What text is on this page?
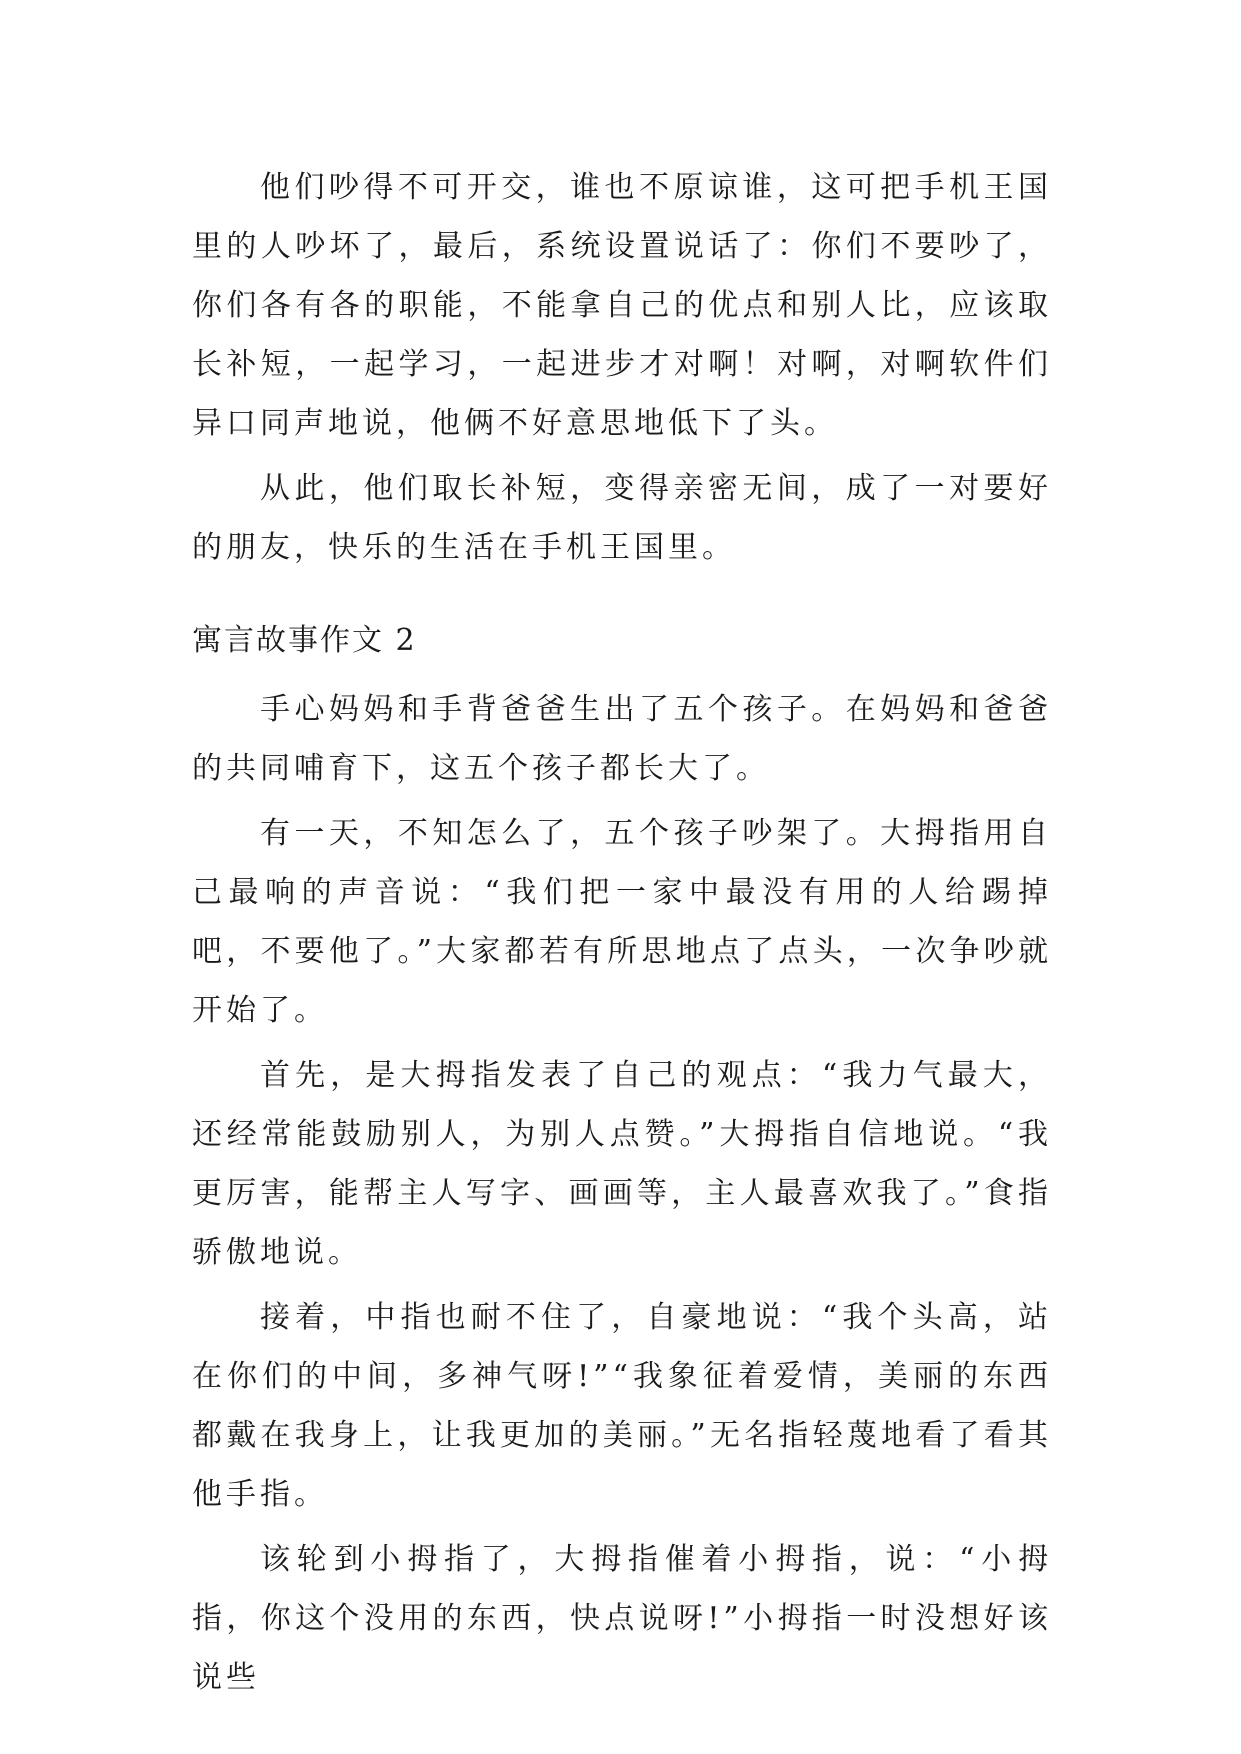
他们吵得不可开交，谁也不原谅谁，这可把手机王国里的人吵坏了，最后，系统设置说话了：你们不要吵了，你们各有各的职能，不能拿自己的优点和别人比，应该取长补短，一起学习，一起进步才对啊！对啊，对啊软件们异口同声地说，他俩不好意思地低下了头。

从此，他们取长补短，变得亲密无间，成了一对要好的朋友，快乐的生活在手机王国里。

寓言故事作文 2

手心妈妈和手背爸爸生出了五个孩子。在妈妈和爸爸的共同哺育下，这五个孩子都长大了。

有一天，不知怎么了，五个孩子吵架了。大拇指用自己最响的声音说：“我们把一家中最没有用的人给踢掉吧，不要他了。”大家都若有所思地点了点头，一次争吵就开始了。

首先，是大拇指发表了自己的观点：“我力气最大，还经常能鼓励别人，为别人点赞。”大拇指自信地说。“我更厉害，能帮主人写字、画画等，主人最喜欢我了。”食指骄傲地说。

接着，中指也耐不住了，自豪地说：“我个头高，站在你们的中间，多神气呀!”“我象征着爱情，美丽的东西都戴在我身上，让我更加的美丽。”无名指轻蔑地看了看其他手指。

该轮到小拇指了，大拇指催着小拇指，说：“小拇指，你这个没用的东西，快点说呀!”小拇指一时没想好该说些
